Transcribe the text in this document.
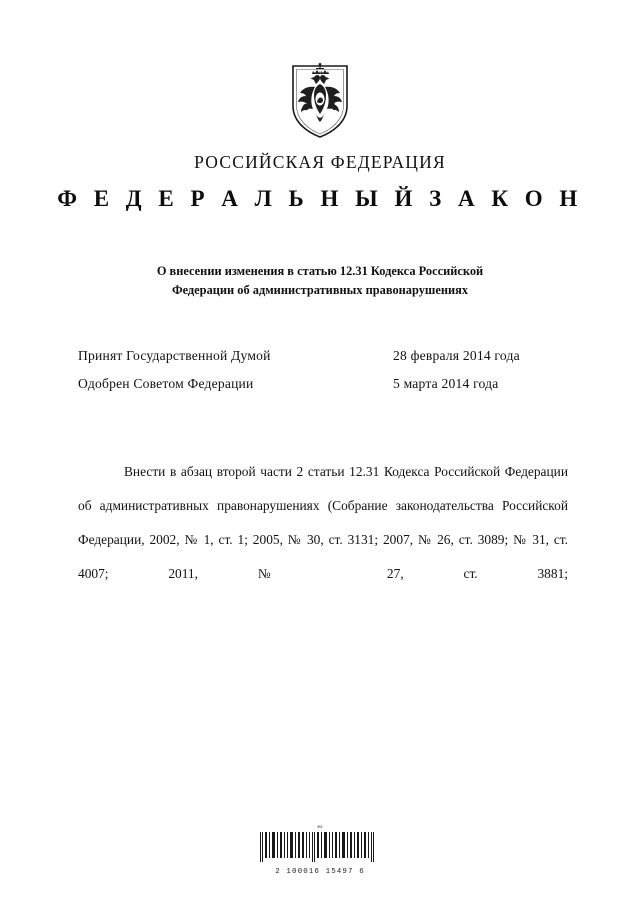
РОССИЙСКАЯ ФЕДЕРАЦИЯ
Ф Е Д Е Р А Л Ь Н Ы Й З А К О Н
О внесении изменения в статью 12.31 Кодекса Российской
Федерации об административных правонарушениях
Принят Государственной Думой	28 февраля 2014 года
Одобрен Советом Федерации	5 марта 2014 года

Внести в абзац второй части 2 статьи 12.31 Кодекса Российской Федерации об административных правонарушениях (Собрание законодательства Российской Федерации, 2002, № 1, ст. 1; 2005, № 30, ст. 3131; 2007, № 26, ст. 3089; № 31, ст. 4007; 2011, № 27, ст. 3881;

ФЗ
2 100016 15497 6
